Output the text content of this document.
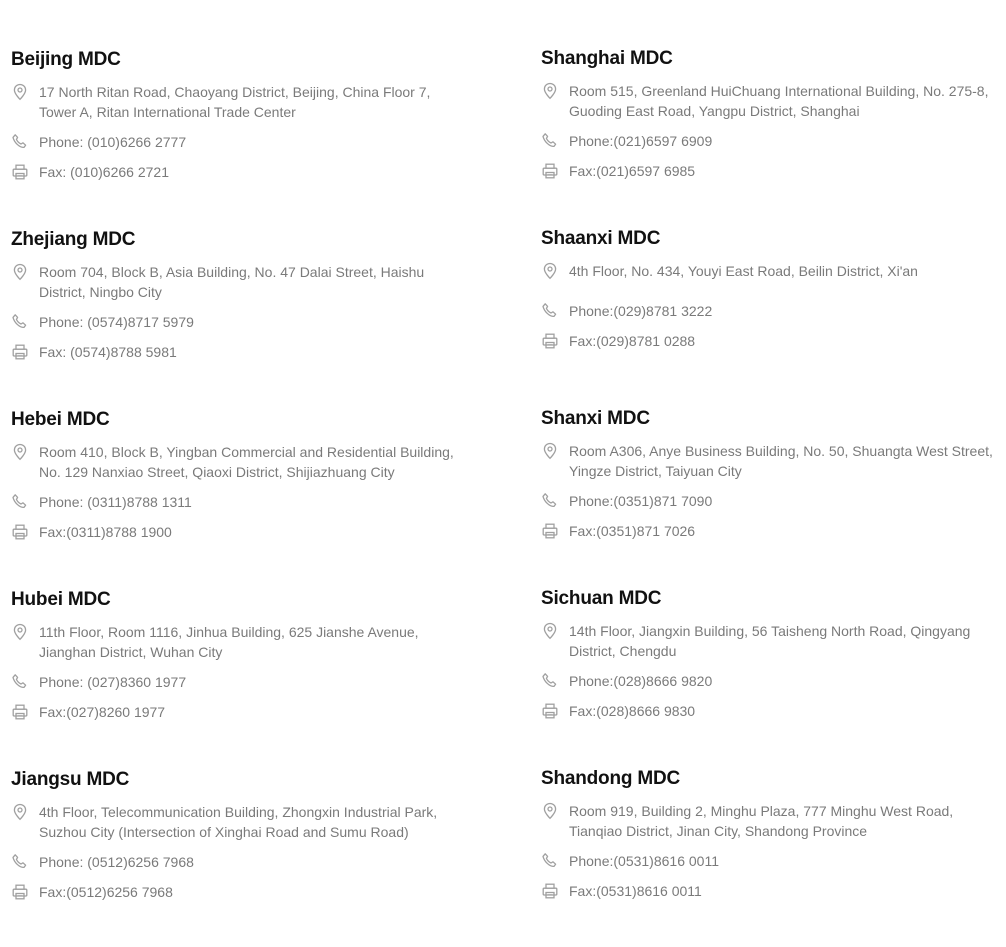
Beijing MDC
17 North Ritan Road, Chaoyang District, Beijing, China Floor 7, Tower A, Ritan International Trade Center
Phone: (010)6266 2777
Fax: (010)6266 2721
Zhejiang MDC
Room 704, Block B, Asia Building, No. 47 Dalai Street, Haishu District, Ningbo City
Phone: (0574)8717 5979
Fax: (0574)8788 5981
Hebei MDC
Room 410, Block B, Yingban Commercial and Residential Building, No. 129 Nanxiao Street, Qiaoxi District, Shijiazhuang City
Phone: (0311)8788 1311
Fax:(0311)8788 1900
Hubei MDC
11th Floor, Room 1116, Jinhua Building, 625 Jianshe Avenue, Jianghan District, Wuhan City
Phone: (027)8360 1977
Fax:(027)8260 1977
Jiangsu MDC
4th Floor, Telecommunication Building, Zhongxin Industrial Park, Suzhou City (Intersection of Xinghai Road and Sumu Road)
Phone: (0512)6256 7968
Fax:(0512)6256 7968
Shanghai MDC
Room 515, Greenland HuiChuang International Building, No. 275-8, Guoding East Road, Yangpu District, Shanghai
Phone:(021)6597 6909
Fax:(021)6597 6985
Shaanxi MDC
4th Floor, No. 434, Youyi East Road, Beilin District, Xi'an
Phone:(029)8781 3222
Fax:(029)8781 0288
Shanxi MDC
Room A306, Anye Business Building, No. 50, Shuangta West Street, Yingze District, Taiyuan City
Phone:(0351)871 7090
Fax:(0351)871 7026
Sichuan MDC
14th Floor, Jiangxin Building, 56 Taisheng North Road, Qingyang District, Chengdu
Phone:(028)8666 9820
Fax:(028)8666 9830
Shandong MDC
Room 919, Building 2, Minghu Plaza, 777 Minghu West Road, Tianqiao District, Jinan City, Shandong Province
Phone:(0531)8616 0011
Fax:(0531)8616 0011
